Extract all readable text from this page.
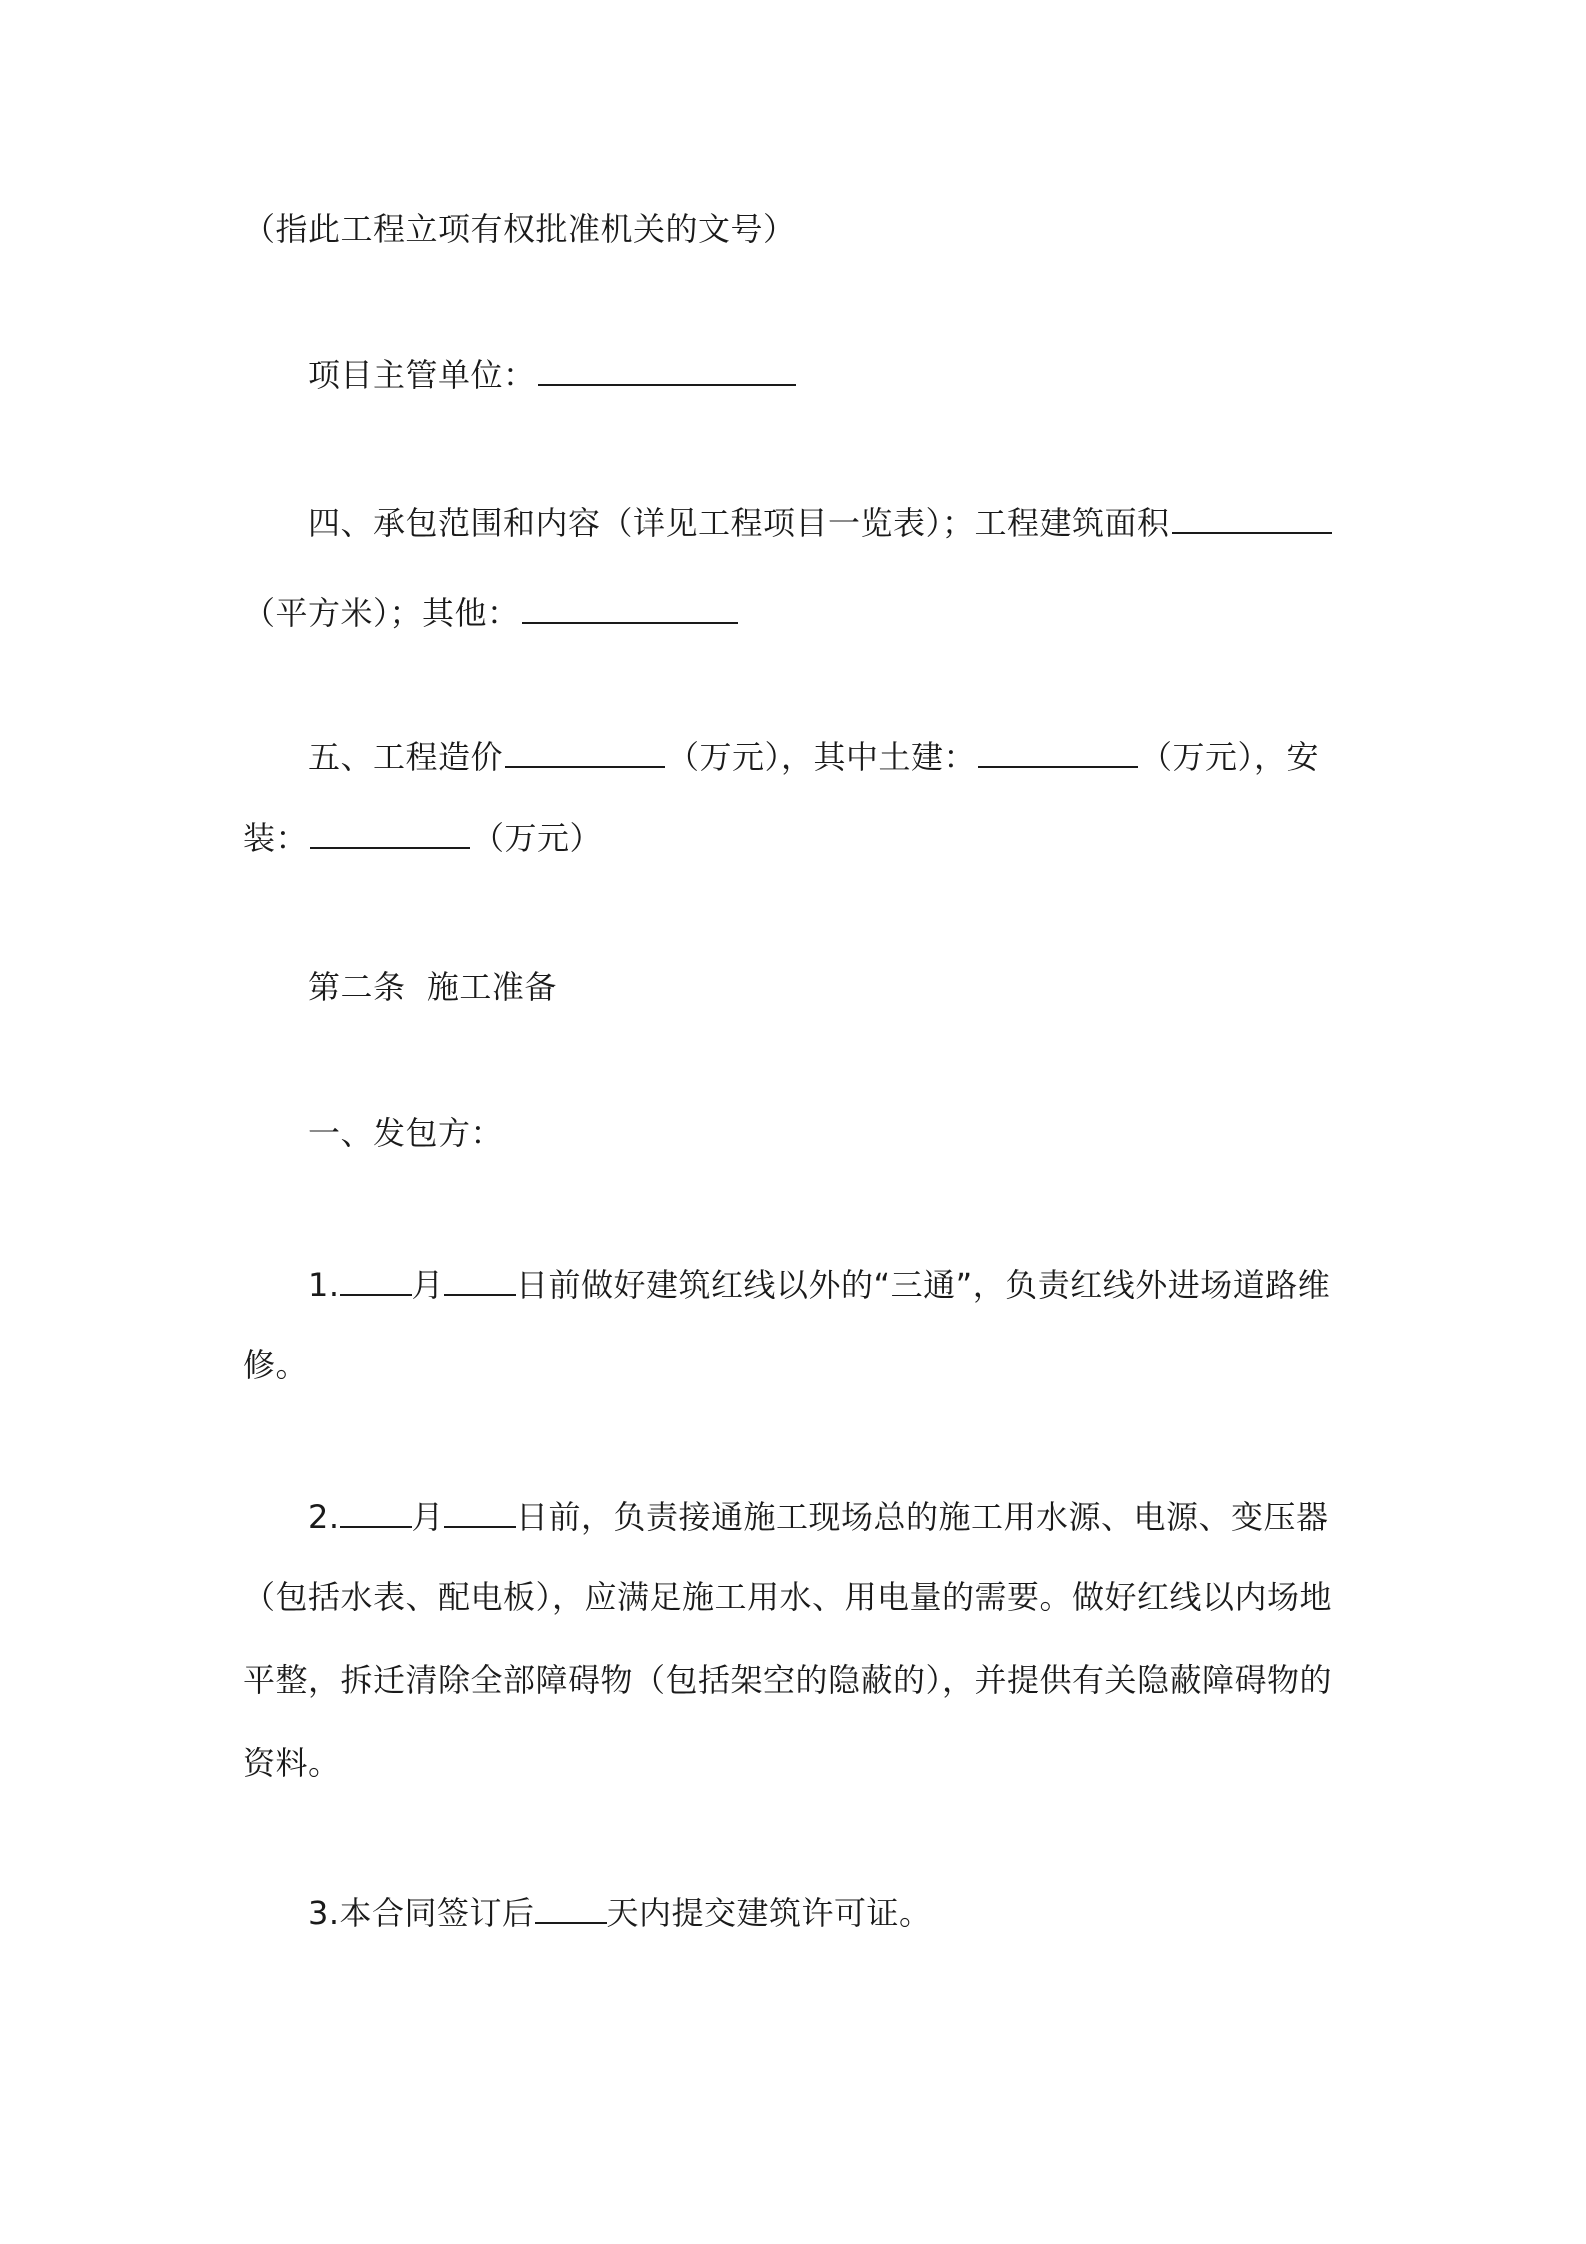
（指此工程立项有权批准机关的文号）
项目主管单位：
四、承包范围和内容（详见工程项目一览表）；工程建筑面积
（平方米）；其他：
五、工程造价	（万元），其中土建：	（万元），安
装：	（万元）
第二条  施工准备
一、发包方：
1. 月 日前做好建筑红线以外的“三通”，负责红线外进场道路维
修。
2. 月 日前，负责接通施工现场总的施工用水源、电源、变压器
（包括水表、配电板），应满足施工用水、用电量的需要。做好红线以内场地
平整，拆迁清除全部障碍物（包括架空的隐蔽的），并提供有关隐蔽障碍物的
资料。
3.本合同签订后 天内提交建筑许可证。
